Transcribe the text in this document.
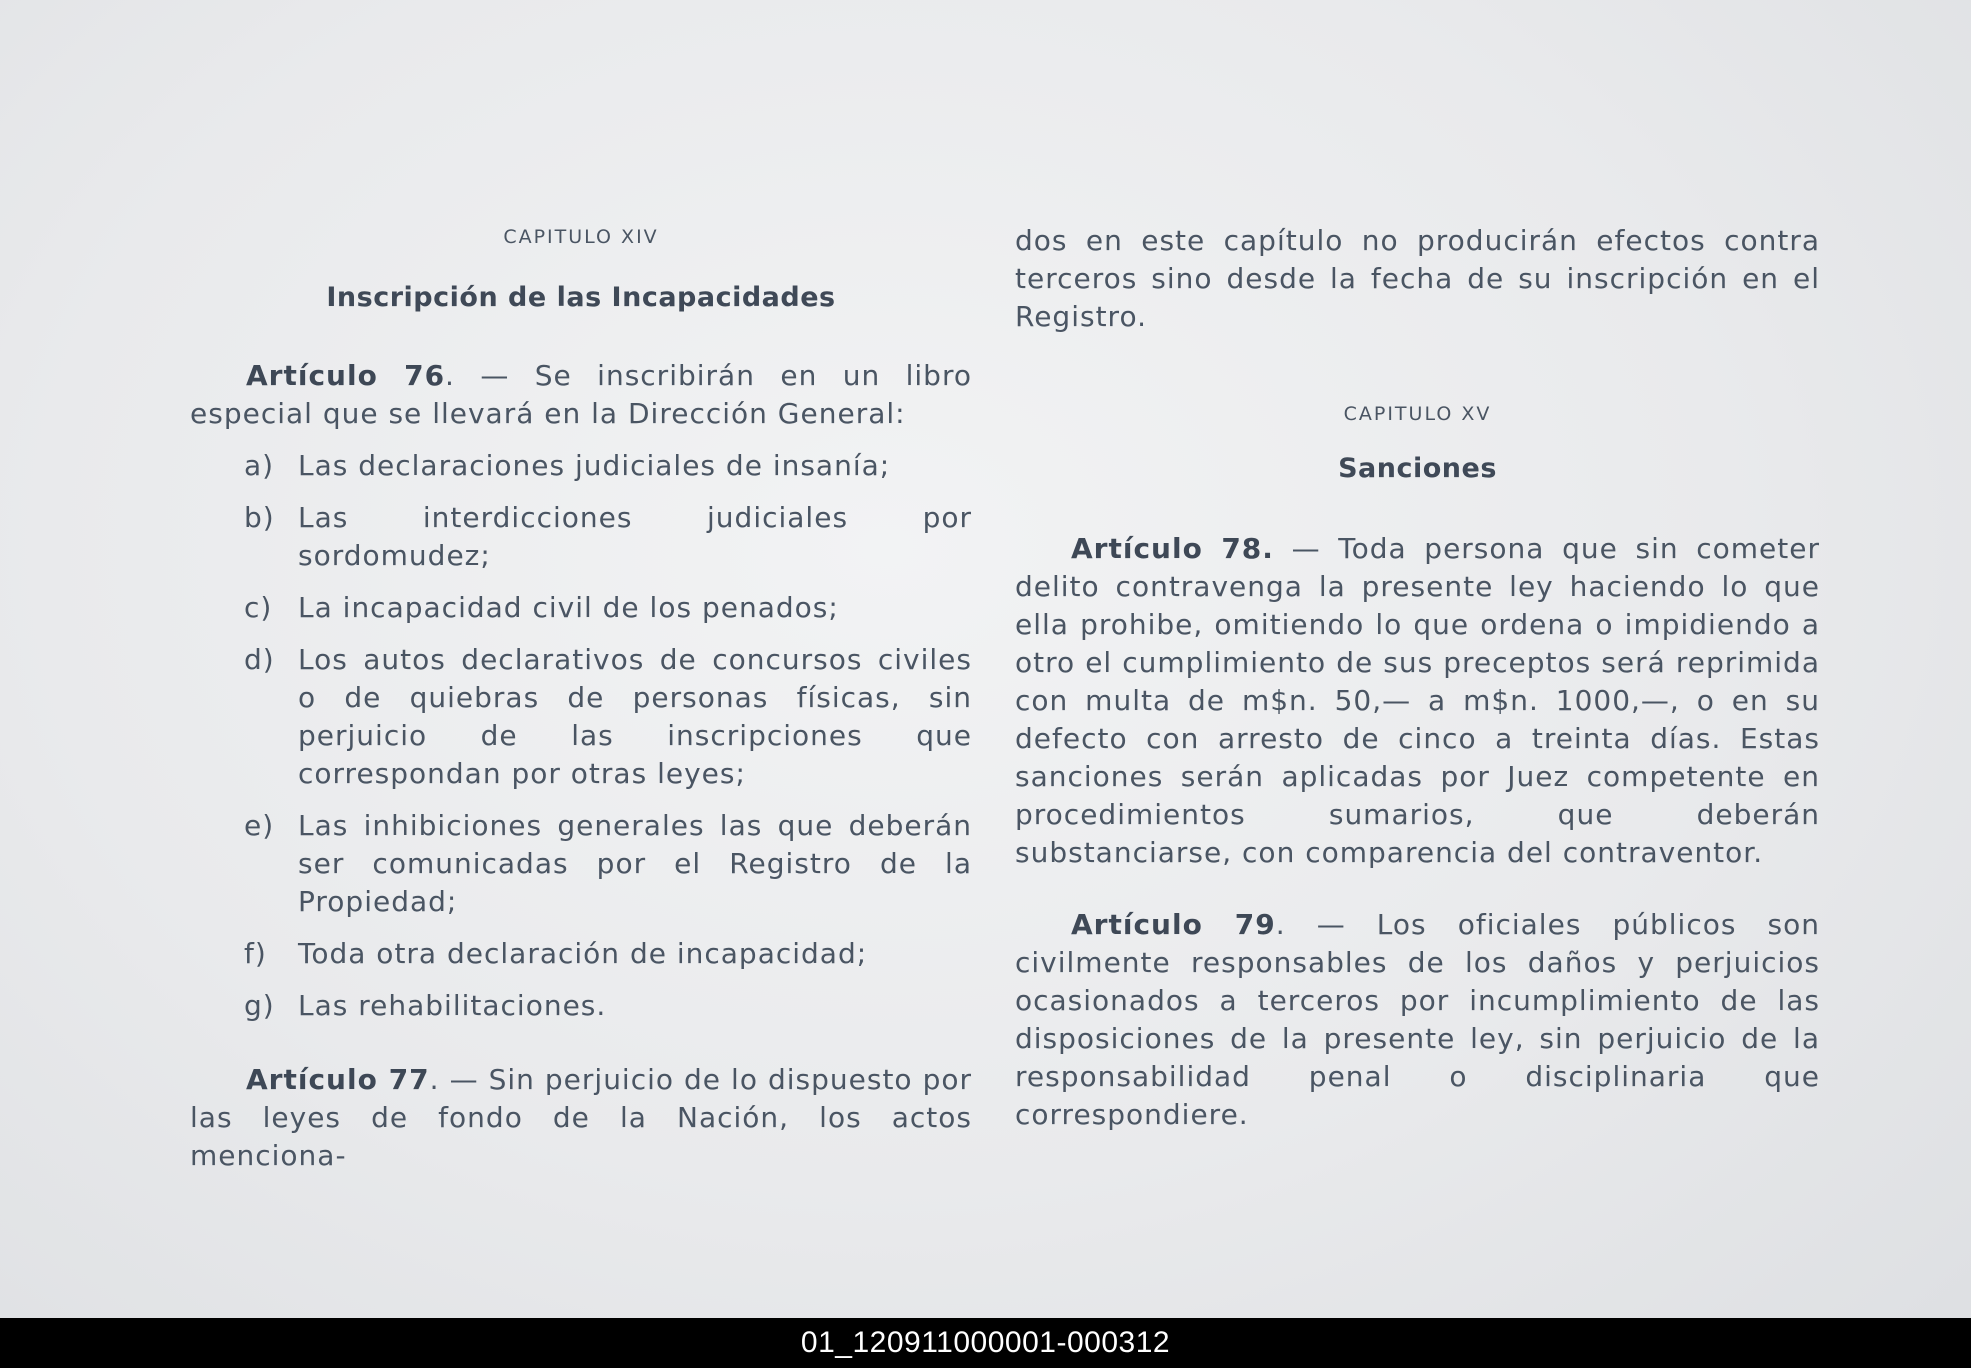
CAPITULO XIV
Inscripción de las Incapacidades

Artículo 76. — Se inscribirán en un libro especial que se llevará en la Dirección General:

a) Las declaraciones judiciales de insanía;
b) Las interdicciones judiciales por sordomudez;
c) La incapacidad civil de los penados;
d) Los autos declarativos de concursos civiles o de quiebras de personas físicas, sin perjuicio de las inscripciones que correspondan por otras leyes;
e) Las inhibiciones generales las que deberán ser comunicadas por el Registro de la Propiedad;
f)	Toda otra declaración de incapacidad;
g) Las rehabilitaciones.

Artículo 77. — Sin perjuicio de lo dispuesto por las leyes de fondo de la Nación, los actos menciona-

dos en este capítulo no producirán efectos contra terceros sino desde la fecha de su inscripción en el Registro.

CAPITULO XV
Sanciones

Artículo 78. — Toda persona que sin cometer delito contravenga la presente ley haciendo lo que ella prohibe, omitiendo lo que ordena o impidiendo a otro el cumplimiento de sus preceptos será reprimida con multa de m$n. 50,— a m$n. 1000,—, o en su defecto con arresto de cinco a treinta días. Estas sanciones serán aplicadas por Juez competente en procedimientos sumarios, que deberán substanciarse, con comparencia del contraventor.

Artículo 79. — Los oficiales públicos son civilmente responsables de los daños y perjuicios ocasionados a terceros por incumplimiento de las disposiciones de la presente ley, sin perjuicio de la responsabilidad penal o disciplinaria que correspondiere.

01_120911000001-000312
